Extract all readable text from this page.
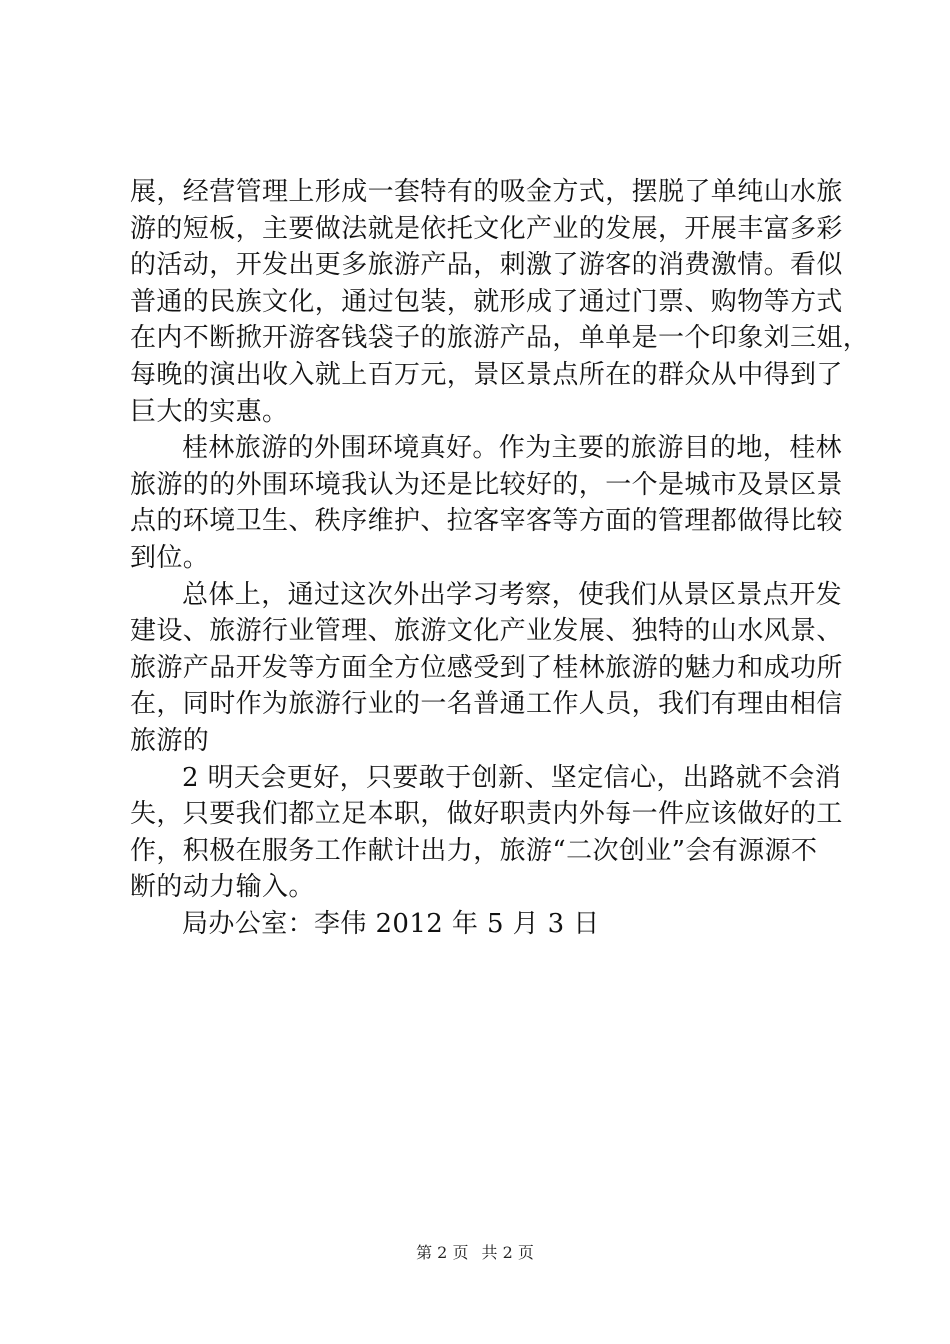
展，经营管理上形成一套特有的吸金方式，摆脱了单纯山水旅
游的短板，主要做法就是依托文化产业的发展，开展丰富多彩
的活动，开发出更多旅游产品，刺激了游客的消费激情。看似
普通的民族文化，通过包装，就形成了通过门票、购物等方式
在内不断掀开游客钱袋子的旅游产品，单单是一个印象刘三姐，
每晚的演出收入就上百万元，景区景点所在的群众从中得到了
巨大的实惠。
桂林旅游的外围环境真好。作为主要的旅游目的地，桂林
旅游的的外围环境我认为还是比较好的，一个是城市及景区景
点的环境卫生、秩序维护、拉客宰客等方面的管理都做得比较
到位。
总体上，通过这次外出学习考察，使我们从景区景点开发
建设、旅游行业管理、旅游文化产业发展、独特的山水风景、
旅游产品开发等方面全方位感受到了桂林旅游的魅力和成功所
在，同时作为旅游行业的一名普通工作人员，我们有理由相信
旅游的
2 明天会更好，只要敢于创新、坚定信心，出路就不会消
失，只要我们都立足本职，做好职责内外每一件应该做好的工
作，积极在服务工作献计出力，旅游“二次创业”会有源源不
断的动力输入。
局办公室：李伟 2012 年 5 月 3 日
第 2 页 共 2 页
